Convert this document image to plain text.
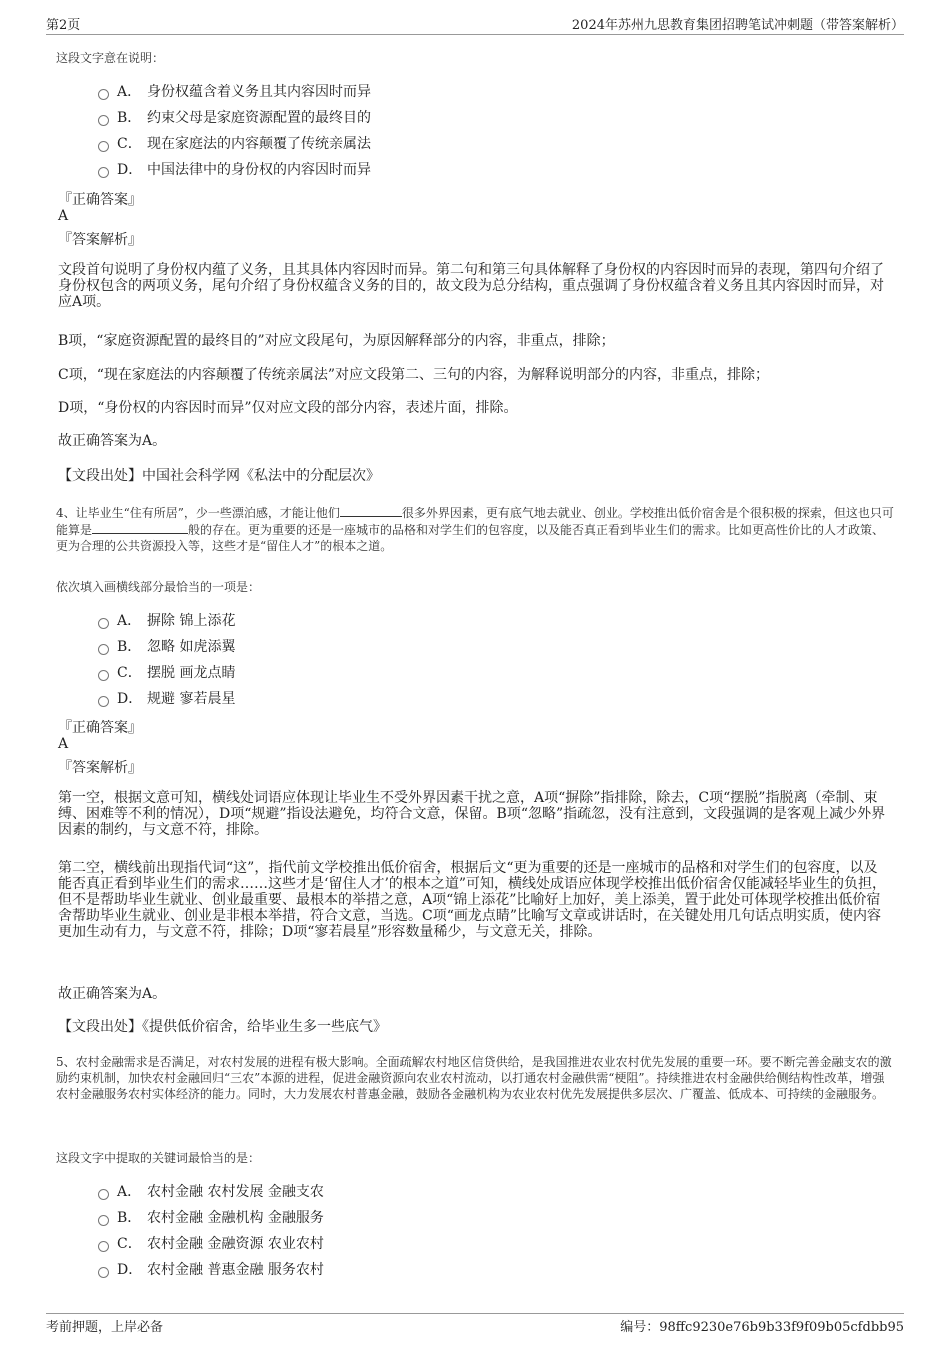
第2页	2024年苏州九思教育集团招聘笔试冲刺题（带答案解析）
这段文字意在说明：
A． 身份权蕴含着义务且其内容因时而异
B． 约束父母是家庭资源配置的最终目的
C． 现在家庭法的内容颠覆了传统亲属法
D． 中国法律中的身份权的内容因时而异
『正确答案』
A
『答案解析』
文段首句说明了身份权内蕴了义务，且其具体内容因时而异。第二句和第三句具体解释了身份权的内容因时而异的表现，第四句介绍了身份权包含的两项义务，尾句介绍了身份权蕴含义务的目的，故文段为总分结构，重点强调了身份权蕴含着义务且其内容因时而异，对应A项。
B项，“家庭资源配置的最终目的”对应文段尾句，为原因解释部分的内容，非重点，排除；
C项，“现在家庭法的内容颠覆了传统亲属法”对应文段第二、三句的内容，为解释说明部分的内容，非重点，排除；
D项，“身份权的内容因时而异”仅对应文段的部分内容，表述片面，排除。
故正确答案为A。
【文段出处】中国社会科学网《私法中的分配层次》
4、让毕业生“住有所居”，少一些漂泊感，才能让他们	很多外界因素，更有底气地去就业、创业。学校推出低价宿舍是个很积极的探索，但这也只可能算是	般的存在。更为重要的还是一座城市的品格和对学生们的包容度，以及能否真正看到毕业生们的需求。比如更高性价比的人才政策、更为合理的公共资源投入等，这些才是“留住人才”的根本之道。
依次填入画横线部分最恰当的一项是：
A． 摒除 锦上添花
B． 忽略 如虎添翼
C． 摆脱 画龙点睛
D． 规避 寥若晨星
『正确答案』
A
『答案解析』
第一空，根据文意可知，横线处词语应体现让毕业生不受外界因素干扰之意，A项“摒除”指排除，除去，C项“摆脱”指脱离（牵制、束缚、困难等不利的情况），D项“规避”指设法避免，均符合文意，保留。B项“忽略”指疏忽，没有注意到，文段强调的是客观上减少外界因素的制约，与文意不符，排除。
第二空，横线前出现指代词“这”，指代前文学校推出低价宿舍，根据后文“更为重要的还是一座城市的品格和对学生们的包容度，以及能否真正看到毕业生们的需求……这些才是‘留住人才’的根本之道”可知，横线处成语应体现学校推出低价宿舍仅能减轻毕业生的负担，但不是帮助毕业生就业、创业最重要、最根本的举措之意，A项“锦上添花”比喻好上加好，美上添美，置于此处可体现学校推出低价宿舍帮助毕业生就业、创业是非根本举措，符合文意，当选。C项“画龙点睛”比喻写文章或讲话时，在关键处用几句话点明实质，使内容更加生动有力，与文意不符，排除；D项“寥若晨星”形容数量稀少，与文意无关，排除。
故正确答案为A。
【文段出处】《提供低价宿舍，给毕业生多一些底气》
5、农村金融需求是否满足，对农村发展的进程有极大影响。全面疏解农村地区信贷供给，是我国推进农业农村优先发展的重要一环。要不断完善金融支农的激励约束机制，加快农村金融回归“三农”本源的进程，促进金融资源向农业农村流动，以打通农村金融供需“梗阻”。持续推进农村金融供给侧结构性改革，增强农村金融服务农村实体经济的能力。同时，大力发展农村普惠金融，鼓励各金融机构为农业农村优先发展提供多层次、广覆盖、低成本、可持续的金融服务。
这段文字中提取的关键词最恰当的是：
A． 农村金融 农村发展 金融支农
B． 农村金融 金融机构 金融服务
C． 农村金融 金融资源 农业农村
D． 农村金融 普惠金融 服务农村
考前押题，上岸必备	编号：98ffc9230e76b9b33f9f09b05cfdbb95
